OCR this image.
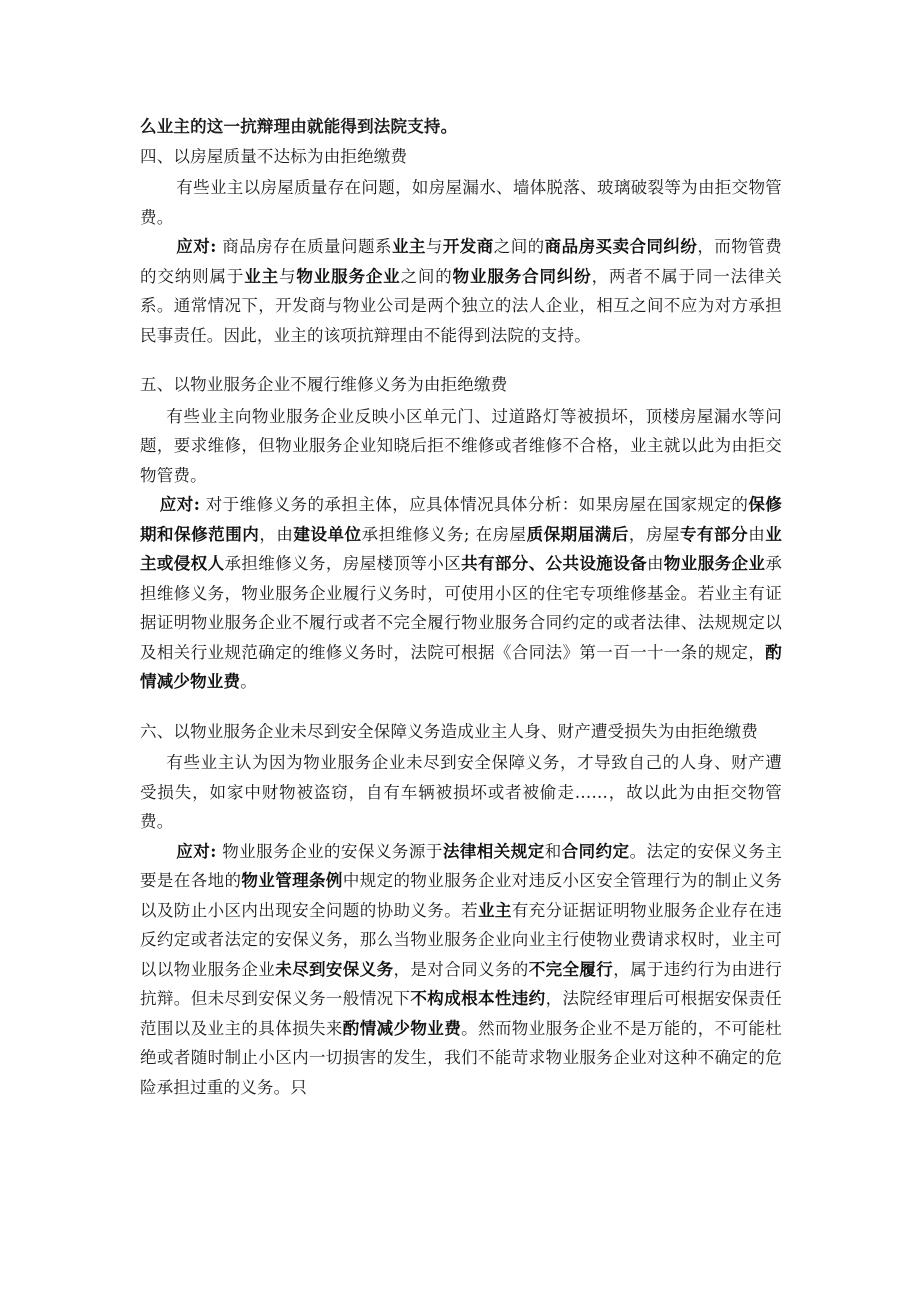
么业主的这一抗辩理由就能得到法院支持。

四、以房屋质量不达标为由拒绝缴费

有些业主以房屋质量存在问题，如房屋漏水、墙体脱落、玻璃破裂等为由拒交物管费。

应对: 商品房存在质量问题系业主与开发商之间的商品房买卖合同纠纷，而物管费的交纳则属于业主与物业服务企业之间的物业服务合同纠纷，两者不属于同一法律关系。通常情况下，开发商与物业公司是两个独立的法人企业，相互之间不应为对方承担民事责任。因此，业主的该项抗辩理由不能得到法院的支持。

五、以物业服务企业不履行维修义务为由拒绝缴费

有些业主向物业服务企业反映小区单元门、过道路灯等被损坏，顶楼房屋漏水等问题，要求维修，但物业服务企业知晓后拒不维修或者维修不合格，业主就以此为由拒交物管费。

应对: 对于维修义务的承担主体，应具体情况具体分析：如果房屋在国家规定的保修期和保修范围内，由建设单位承担维修义务; 在房屋质保期届满后，房屋专有部分由业主或侵权人承担维修义务，房屋楼顶等小区共有部分、公共设施设备由物业服务企业承担维修义务，物业服务企业履行义务时，可使用小区的住宅专项维修基金。若业主有证据证明物业服务企业不履行或者不完全履行物业服务合同约定的或者法律、法规规定以及相关行业规范确定的维修义务时，法院可根据《合同法》第一百一十一条的规定，酌情减少物业费。

六、以物业服务企业未尽到安全保障义务造成业主人身、财产遭受损失为由拒绝缴费

有些业主认为因为物业服务企业未尽到安全保障义务，才导致自己的人身、财产遭受损失，如家中财物被盗窃，自有车辆被损坏或者被偷走……，故以此为由拒交物管费。

应对: 物业服务企业的安保义务源于法律相关规定和合同约定。法定的安保义务主要是在各地的物业管理条例中规定的物业服务企业对违反小区安全管理行为的制止义务以及防止小区内出现安全问题的协助义务。若业主有充分证据证明物业服务企业存在违反约定或者法定的安保义务，那么当物业服务企业向业主行使物业费请求权时，业主可以以物业服务企业未尽到安保义务，是对合同义务的不完全履行，属于违约行为由进行抗辩。但未尽到安保义务一般情况下不构成根本性违约，法院经审理后可根据安保责任范围以及业主的具体损失来酌情减少物业费。然而物业服务企业不是万能的，不可能杜绝或者随时制止小区内一切损害的发生，我们不能苛求物业服务企业对这种不确定的危险承担过重的义务。只
